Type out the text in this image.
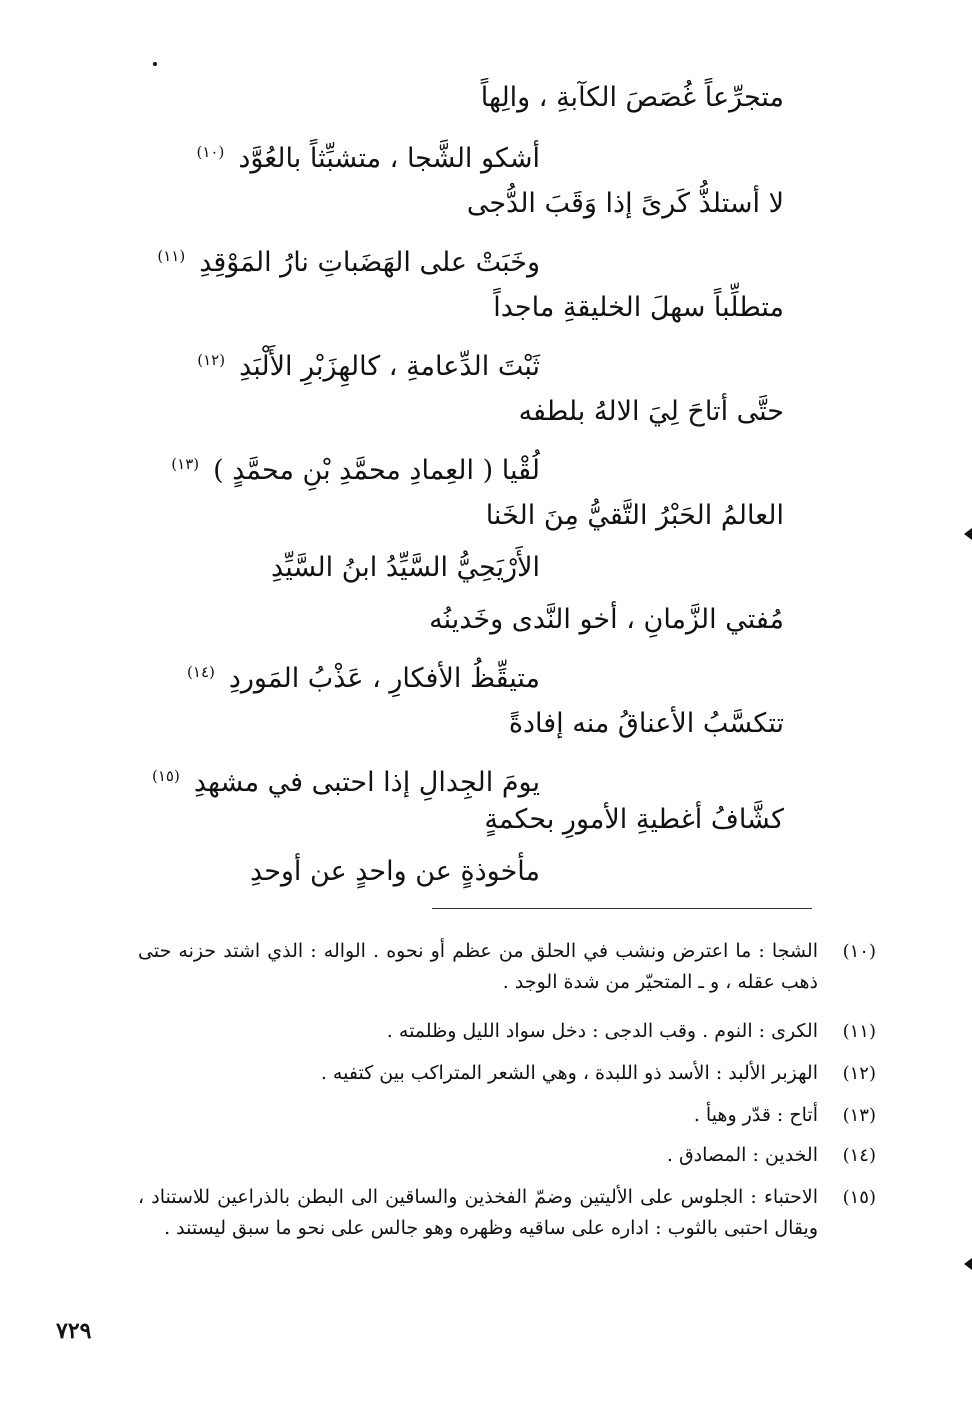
متجرِّعاً غُصَصَ الكآبةِ ، والِهاً
أشكو الشَّجا ، متشبِّثاً بالعُوَّد$^{(١٠)}$
لا أستلذُّ كَرىً إذا وَقَبَ الدُّجى
وخَبَتْ على الهَضَباتِ نارُ المَوْقِدِ$^{(١١)}$
متطلِّباً سهلَ الخليقةِ ماجداً
ثَبْتَ الدِّعامةِ ، كالهِزَبْرِ الأَلْبَدِ$^{(١٢)}$
حتَّى أتاحَ لِيَ الالهُ بلطفه
لُقْيا ( العِمادِ محمَّدِ بْنِ محمَّدٍ )$^{(١٣)}$
العالمُ الحَبْرُ التَّقيُّ مِنَ الخَنا
الأَرْيَحِيُّ السَّيِّدُ ابنُ السَّيِّدِ
مُفتي الزَّمانِ ، أخو النَّدى وخَدينُه
متيقِّظُ الأفكارِ ، عَذْبُ المَوردِ$^{(١٤)}$
تتكسَّبُ الأعناقُ منه إفادةً
يومَ الجِدالِ إذا احتبى في مشهدِ$^{(١٥)}$
كشَّافُ أغطيةِ الأمورِ بحكمةٍ
مأخوذةٍ عن واحدٍ عن أوحدِ
(١٠)
الشجا : ما اعترض ونشب في الحلق من عظم أو نحوه . الواله : الذي اشتد حزنه حتى ذهب عقله ، و ـ المتحيّر من شدة الوجد .
(١١)
الكرى : النوم . وقب الدجى : دخل سواد الليل وظلمته .
(١٢)
الهزبر الألبد : الأسد ذو اللبدة ، وهي الشعر المتراكب بين كتفيه .
(١٣)
أتاح : قدّر وهيأ .
(١٤)
الخدين : المصادق .
(١٥)
الاحتباء : الجلوس على الأليتين وضمّ الفخذين والساقين الى البطن بالذراعين للاستناد ، ويقال احتبى بالثوب : اداره على ساقيه وظهره وهو جالس على نحو ما سبق ليستند .
٧٢٩
